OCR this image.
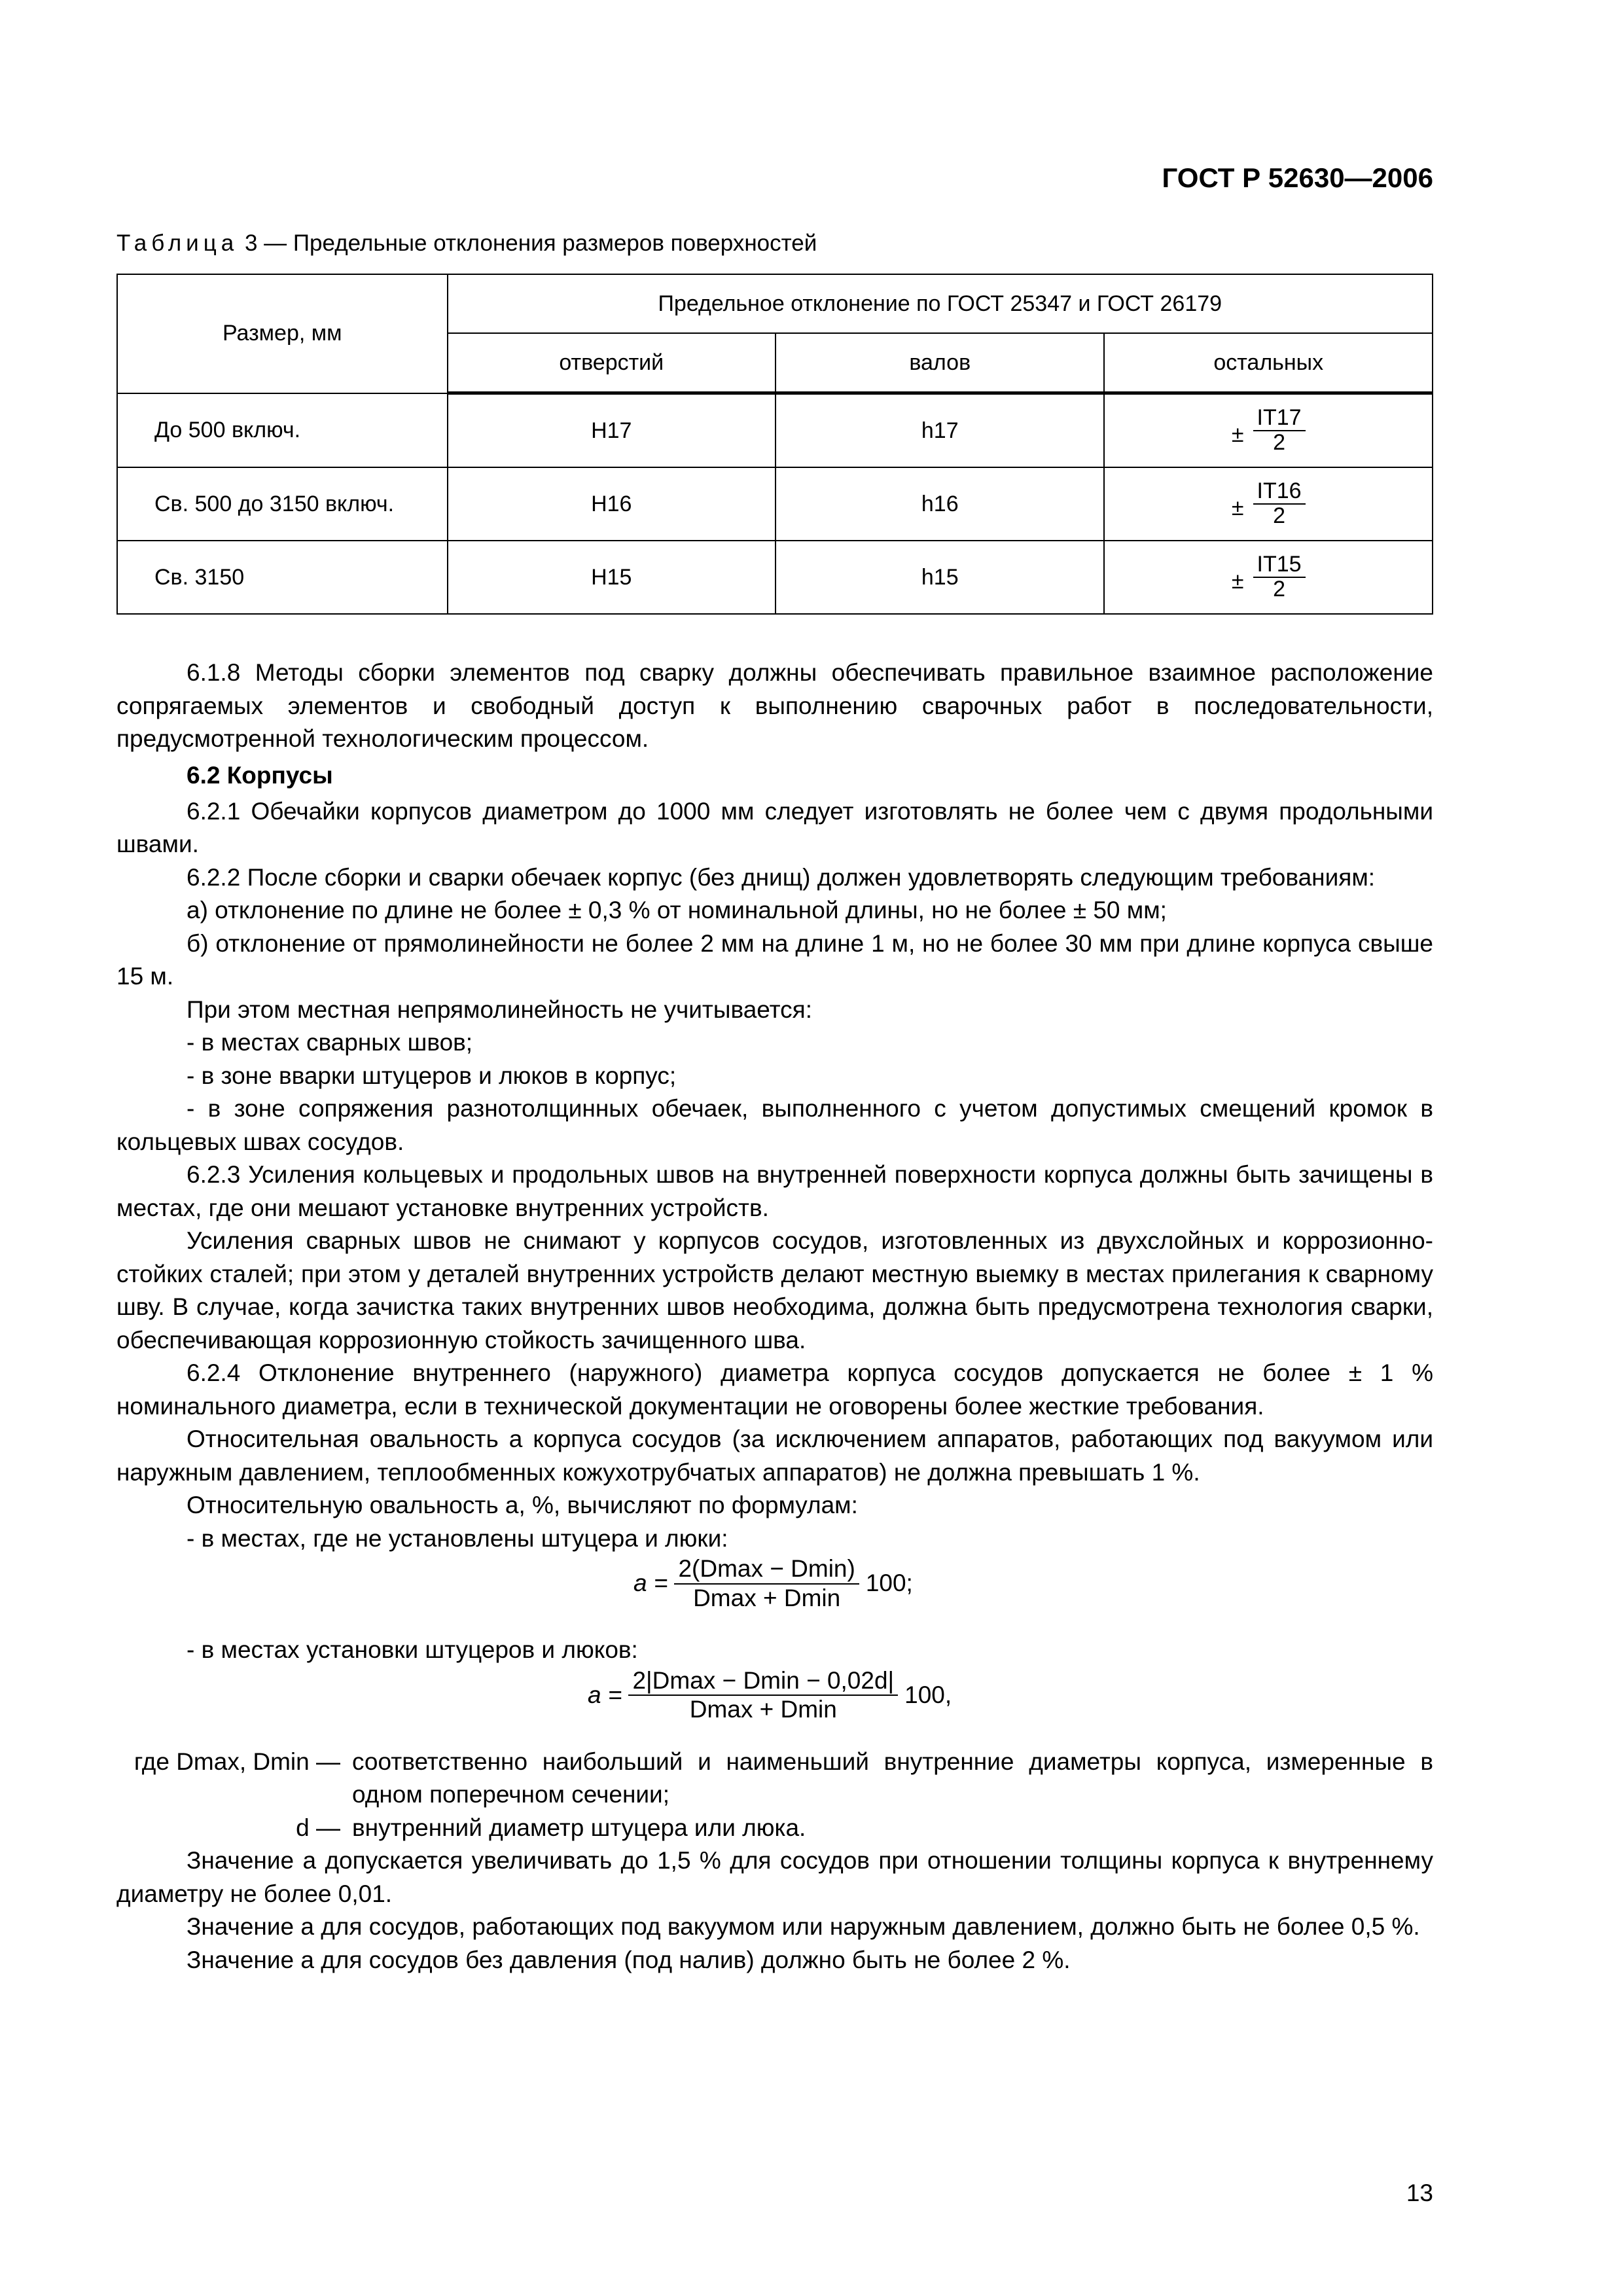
ГОСТ Р 52630—2006
Таблица 3 — Предельные отклонения размеров поверхностей
Размер, мм	Предельное отклонение по ГОСТ 25347 и ГОСТ 26179		
	отверстий	валов	остальных
До 500 включ.	H17	h17	± $\frac{IT17}{2}$

Св. 500 до 3150 включ.	H16	h16	± $\frac{IT16}{2}$

Св. 3150	H15	h15	± $\frac{IT15}{2}$

6.1.8 Методы сборки элементов под сварку должны обеспечивать правильное взаимное расположение сопрягаемых элементов и свободный доступ к выполнению сварочных работ в последовательности, предусмотренной технологическим процессом.

6.2 Корпусы

6.2.1 Обечайки корпусов диаметром до 1000 мм следует изготовлять не более чем с двумя продольными швами.

6.2.2 После сборки и сварки обечаек корпус (без днищ) должен удовлетворять следующим требованиям:

а) отклонение по длине не более ± 0,3 % от номинальной длины, но не более ± 50 мм;

б) отклонение от прямолинейности не более 2 мм на длине 1 м, но не более 30 мм при длине корпуса свыше 15 м.

При этом местная непрямолинейность не учитывается:

- в местах сварных швов;

- в зоне вварки штуцеров и люков в корпус;

- в зоне сопряжения разнотолщинных обечаек, выполненного с учетом допустимых смещений кромок в кольцевых швах сосудов.

6.2.3 Усиления кольцевых и продольных швов на внутренней поверхности корпуса должны быть зачищены в местах, где они мешают установке внутренних устройств.

Усиления сварных швов не снимают у корпусов сосудов, изготовленных из двухслойных и коррозионно-стойких сталей; при этом у деталей внутренних устройств делают местную выемку в местах прилегания к сварному шву. В случае, когда зачистка таких внутренних швов необходима, должна быть предусмотрена технология сварки, обеспечивающая коррозионную стойкость зачищенного шва.

6.2.4 Отклонение внутреннего (наружного) диаметра корпуса сосудов допускается не более ± 1 % номинального диаметра, если в технической документации не оговорены более жесткие требования.

Относительная овальность а корпуса сосудов (за исключением аппаратов, работающих под вакуумом или наружным давлением, теплообменных кожухотрубчатых аппаратов) не должна превышать 1 %.

Относительную овальность а, %, вычисляют по формулам:

- в местах, где не установлены штуцера и люки:

a =
2(Dmax − Dmin)
Dmax + Dmin
100;

- в местах установки штуцеров и люков:

a =
2|Dmax − Dmin − 0,02d|
Dmax + Dmin
100,
где Dmax, Dmin — соответственно наибольший и наименьший внутренние диаметры корпуса, измеренные в одном поперечном сечении;

d — внутренний диаметр штуцера или люка.

Значение а допускается увеличивать до 1,5 % для сосудов при отношении толщины корпуса к внутреннему диаметру не более 0,01.

Значение а для сосудов, работающих под вакуумом или наружным давлением, должно быть не более 0,5 %.

Значение а для сосудов без давления (под налив) должно быть не более 2 %.

13
